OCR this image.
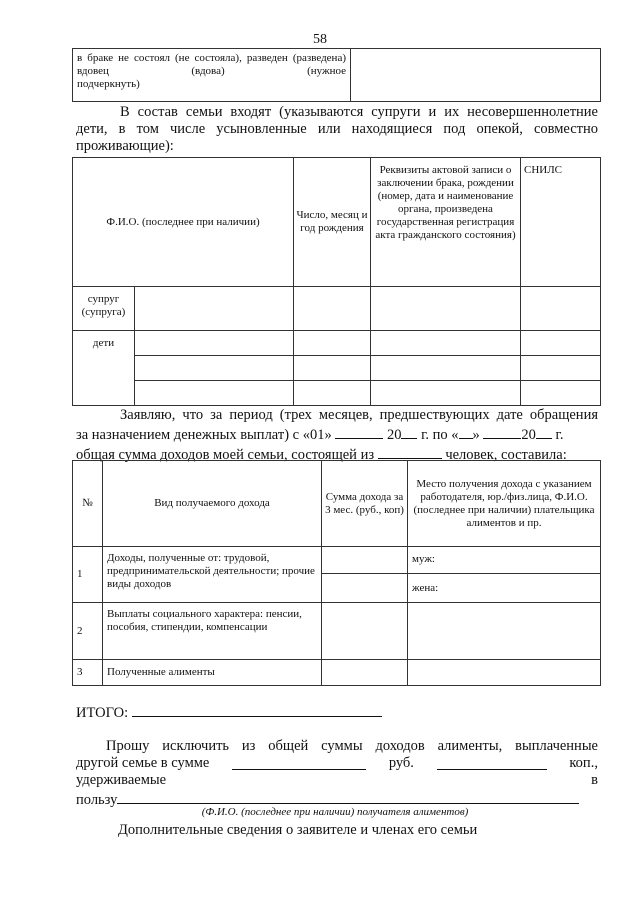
58
в браке не состоял (не состояла), разведен (разведена) вдовец (вдова) (нужное
подчеркнуть)

В состав семьи входят (указываются супруги и их несовершеннолетние дети, в том числе усыновленные или находящиеся под опекой, совместно проживающие):
Ф.И.О. (последнее при наличии)		Число, месяц и год рождения	Реквизиты актовой записи о заключении брака, рождении (номер, дата и наименование органа, произведена государственная регистрация акта гражданского состояния)	СНИЛС
супруг (супруга)				
дети				

Заявляю, что за период (трех месяцев, предшествующих дате обращения
за назначением денежных выплат) с «01»	20 г. по « »	20 г.
общая сумма доходов моей семьи, состоящей из	человек, составила:
№	Вид получаемого дохода	Сумма дохода за 3 мес. (руб., коп)	Место получения дохода с указанием работодателя, юр./физ.лица, Ф.И.О. (последнее при наличии) плательщика алиментов и пр.
1	Доходы, полученные от: трудовой, предпринимательской деятельности; прочие виды доходов		муж:
			жена:
2	Выплаты социального характера: пенсии, пособия, стипендии, компенсации		
3	Полученные алименты		
ИТОГО:
Прошу исключить из общей суммы доходов алименты, выплаченные
другой семье в сумме	руб.	коп.,
удерживаемые	в
пользу
(Ф.И.О. (последнее при наличии) получателя алиментов)
Дополнительные сведения о заявителе и членах его семьи
